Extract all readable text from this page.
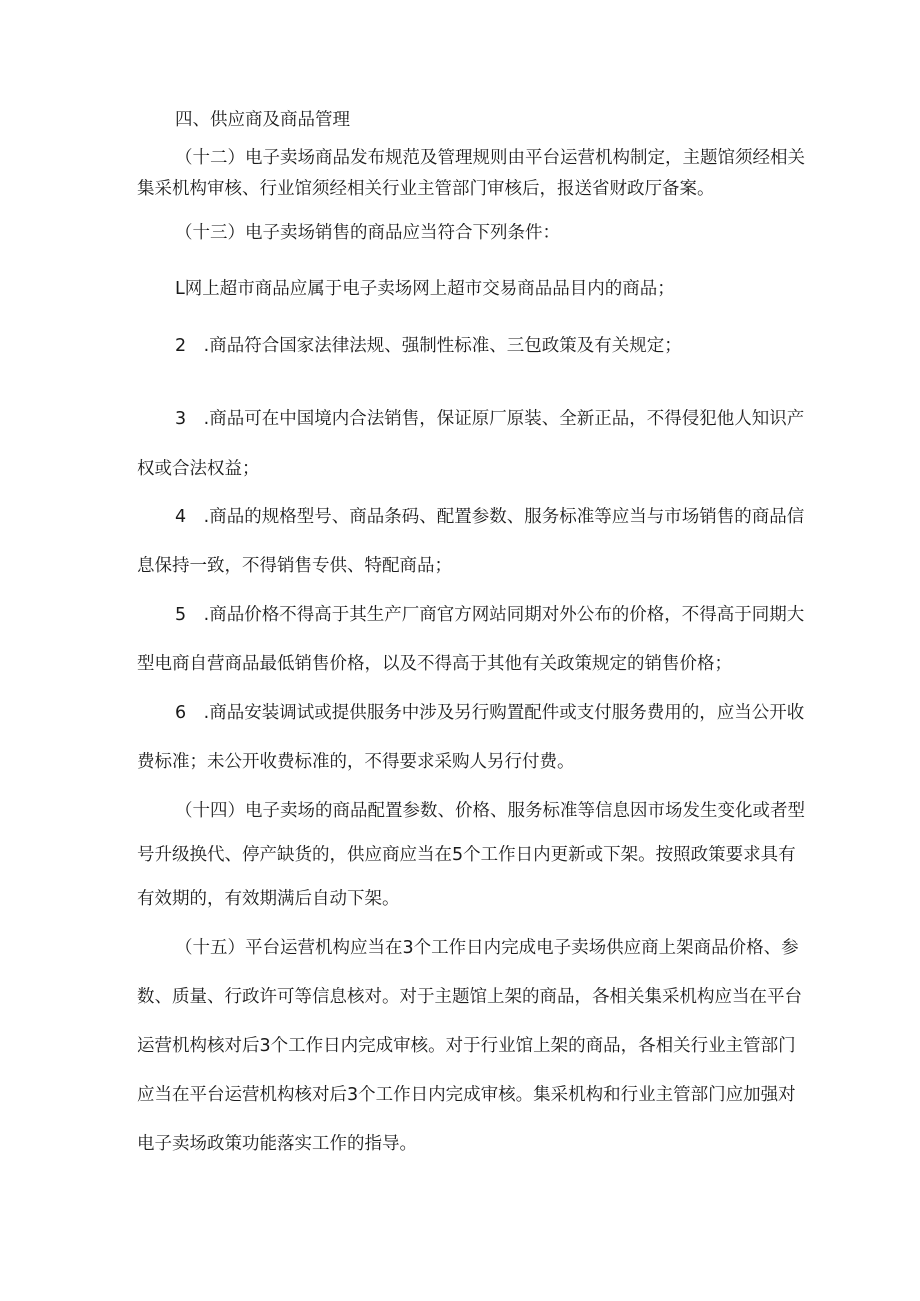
四、供应商及商品管理

（十二）电子卖场商品发布规范及管理规则由平台运营机构制定，主题馆须经相关

集采机构审核、行业馆须经相关行业主管部门审核后，报送省财政厅备案。

（十三）电子卖场销售的商品应当符合下列条件：

L网上超市商品应属于电子卖场网上超市交易商品品目内的商品；

2　.商品符合国家法律法规、强制性标准、三包政策及有关规定；

3　.商品可在中国境内合法销售，保证原厂原装、全新正品，不得侵犯他人知识产

权或合法权益；

4　.商品的规格型号、商品条码、配置参数、服务标准等应当与市场销售的商品信

息保持一致，不得销售专供、特配商品；

5　.商品价格不得高于其生产厂商官方网站同期对外公布的价格，不得高于同期大

型电商自营商品最低销售价格，以及不得高于其他有关政策规定的销售价格；

6　.商品安装调试或提供服务中涉及另行购置配件或支付服务费用的，应当公开收

费标准；未公开收费标准的，不得要求采购人另行付费。

（十四）电子卖场的商品配置参数、价格、服务标准等信息因市场发生变化或者型

号升级换代、停产缺货的，供应商应当在5个工作日内更新或下架。按照政策要求具有

有效期的，有效期满后自动下架。

（十五）平台运营机构应当在3个工作日内完成电子卖场供应商上架商品价格、参

数、质量、行政许可等信息核对。对于主题馆上架的商品，各相关集采机构应当在平台

运营机构核对后3个工作日内完成审核。对于行业馆上架的商品，各相关行业主管部门

应当在平台运营机构核对后3个工作日内完成审核。集采机构和行业主管部门应加强对

电子卖场政策功能落实工作的指导。
